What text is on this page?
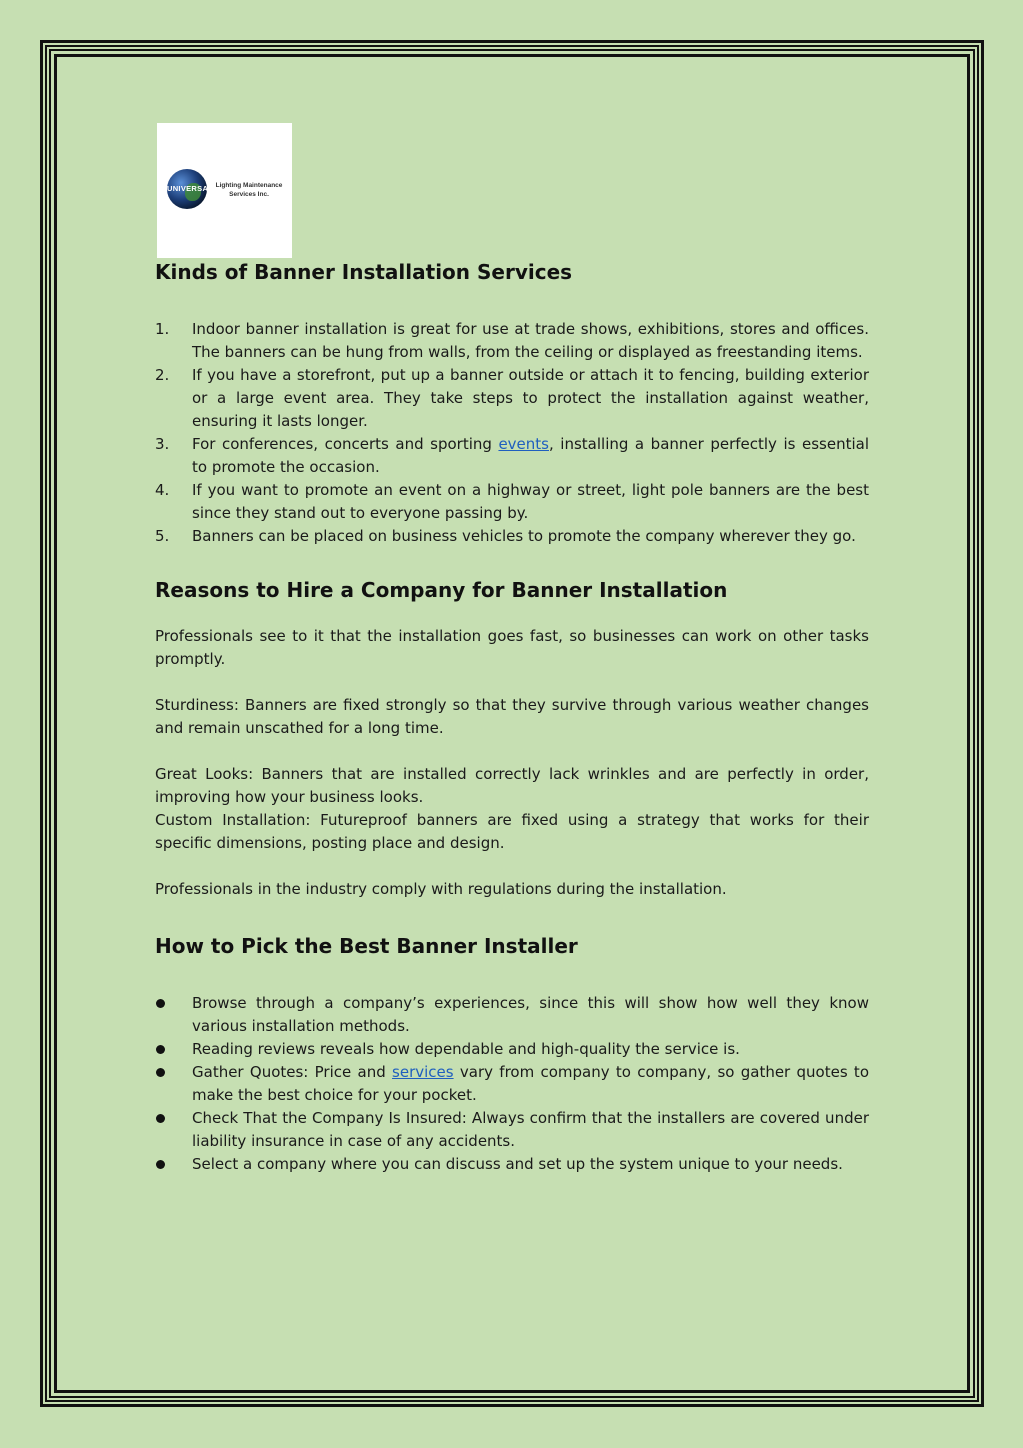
UNIVERSAL Lighting Maintenance
Services Inc.
Kinds of Banner Installation Services
1. Indoor banner installation is great for use at trade shows, exhibitions, stores and offices. The banners can be hung from walls, from the ceiling or displayed as freestanding items.
2. If you have a storefront, put up a banner outside or attach it to fencing, building exterior or a large event area. They take steps to protect the installation against weather, ensuring it lasts longer.
3. For conferences, concerts and sporting events, installing a banner perfectly is essential to promote the occasion.
4. If you want to promote an event on a highway or street, light pole banners are the best since they stand out to everyone passing by.
5. Banners can be placed on business vehicles to promote the company wherever they go.
Reasons to Hire a Company for Banner Installation

Professionals see to it that the installation goes fast, so businesses can work on other tasks promptly.

Sturdiness: Banners are fixed strongly so that they survive through various weather changes and remain unscathed for a long time.

Great Looks: Banners that are installed correctly lack wrinkles and are perfectly in order, improving how your business looks.

Custom Installation: Futureproof banners are fixed using a strategy that works for their specific dimensions, posting place and design.

Professionals in the industry comply with regulations during the installation.

How to Pick the Best Banner Installer
Browse through a company’s experiences, since this will show how well they know various installation methods.
Reading reviews reveals how dependable and high-quality the service is.
Gather Quotes: Price and services vary from company to company, so gather quotes to make the best choice for your pocket.
Check That the Company Is Insured: Always confirm that the installers are covered under liability insurance in case of any accidents.
Select a company where you can discuss and set up the system unique to your needs.
